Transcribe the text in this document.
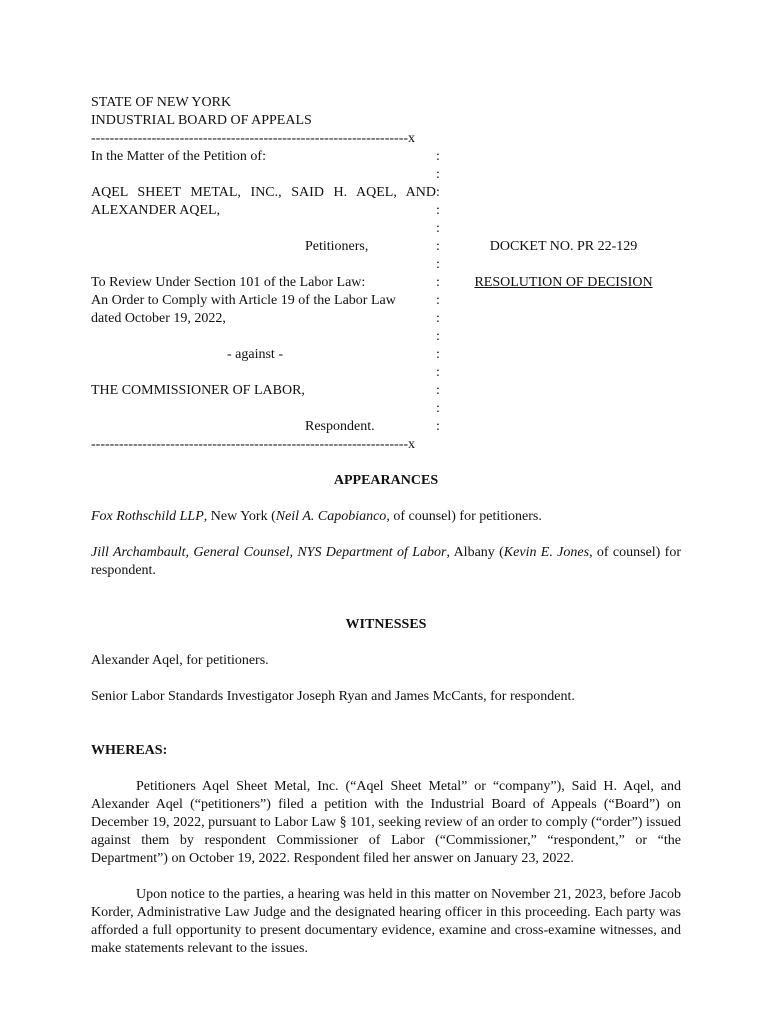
STATE OF NEW YORK
INDUSTRIAL BOARD OF APPEALS
--------------------------------------------------------------------x
In the Matter of the Petition of:	:
:
AQEL SHEET METAL, INC., SAID H. AQEL, AND :
ALEXANDER AQEL,	:
:
Petitioners,	:	DOCKET NO. PR 22-129
:
To Review Under Section 101 of the Labor Law:	:	RESOLUTION OF DECISION
An Order to Comply with Article 19 of the Labor Law	:
dated October 19, 2022,	:
:
- against -	:
:
THE COMMISSIONER OF LABOR,	:
:
Respondent.	:
--------------------------------------------------------------------x
APPEARANCES
Fox Rothschild LLP, New York (Neil A. Capobianco, of counsel) for petitioners.
Jill Archambault, General Counsel, NYS Department of Labor, Albany (Kevin E. Jones, of counsel) for respondent.
WITNESSES
Alexander Aqel, for petitioners.
Senior Labor Standards Investigator Joseph Ryan and James McCants, for respondent.
WHEREAS:
Petitioners Aqel Sheet Metal, Inc. (“Aqel Sheet Metal” or “company”), Said H. Aqel, and Alexander Aqel (“petitioners”) filed a petition with the Industrial Board of Appeals (“Board”) on December 19, 2022, pursuant to Labor Law § 101, seeking review of an order to comply (“order”) issued against them by respondent Commissioner of Labor (“Commissioner,” “respondent,” or “the Department”) on October 19, 2022. Respondent filed her answer on January 23, 2022.
Upon notice to the parties, a hearing was held in this matter on November 21, 2023, before Jacob Korder, Administrative Law Judge and the designated hearing officer in this proceeding. Each party was afforded a full opportunity to present documentary evidence, examine and cross-examine witnesses, and make statements relevant to the issues.
